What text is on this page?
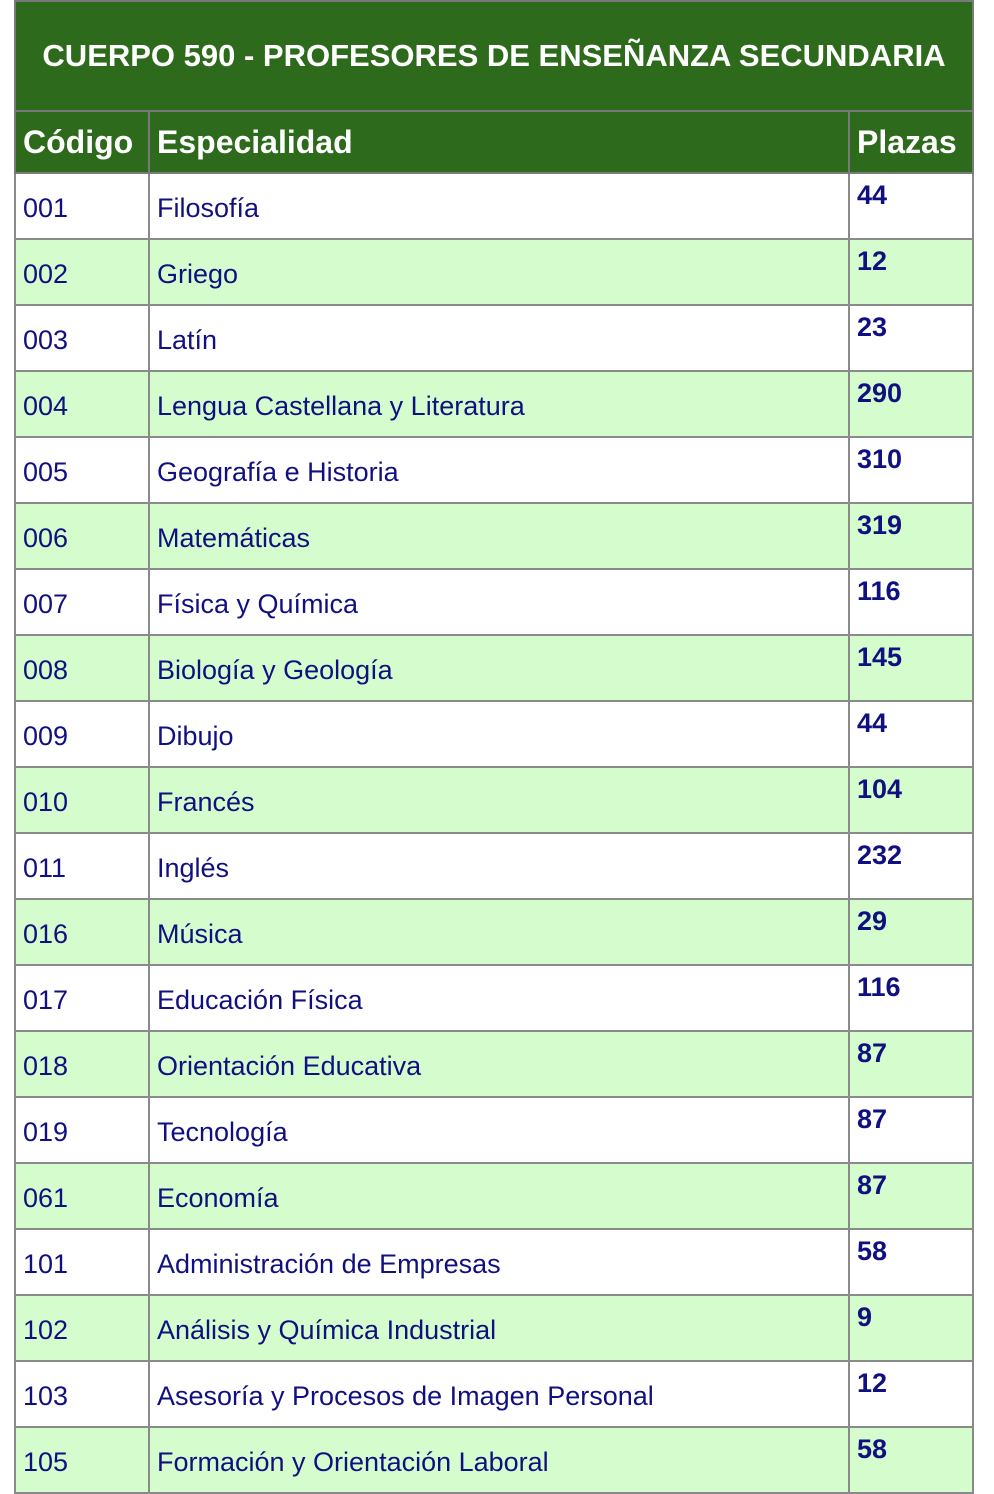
CUERPO 590 - PROFESORES DE ENSEÑANZA SECUNDARIA		
Código	Especialidad	Plazas
001	Filosofía	44
002	Griego	12
003	Latín	23
004	Lengua Castellana y Literatura	290
005	Geografía e Historia	310
006	Matemáticas	319
007	Física y Química	116
008	Biología y Geología	145
009	Dibujo	44
010	Francés	104
011	Inglés	232
016	Música	29
017	Educación Física	116
018	Orientación Educativa	87
019	Tecnología	87
061	Economía	87
101	Administración de Empresas	58
102	Análisis y Química Industrial	9
103	Asesoría y Procesos de Imagen Personal	12
105	Formación y Orientación Laboral	58
